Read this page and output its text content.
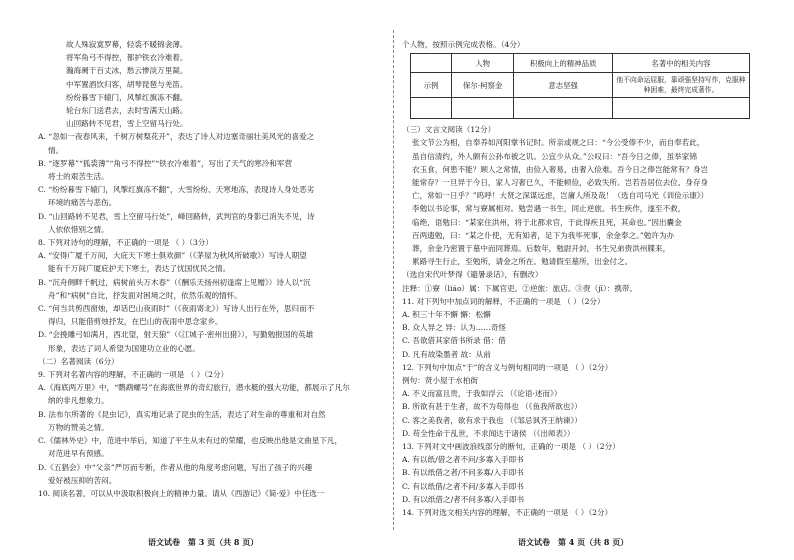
故人殊寂寞罗幕，轻裘不暖锦衾薄。
将军角弓不得控，都护铁衣冷难着。
瀚海阑干百丈冰，愁云惨淡万里凝。
中军置酒饮归客，胡琴琵琶与羌笛。
纷纷暮雪下辕门，风掣红旗冻不翻。
轮台东门送君去，去时雪满天山路。
山回路转不见君，雪上空留马行处。
A. “忽如一夜春风来，千树万树梨花开”，表达了诗人对边塞奇丽壮美风光的喜爱之
情。
B. “逐罗幕”“狐裘薄”“角弓不得控”“铁衣冷难着”，写出了天气的寒冷和军营
将士的艰苦生活。
C. “纷纷暮雪下辕门，风掣红旗冻不翻”，大雪纷纷、天寒地冻，表现诗人身处恶劣
环境的痛苦与悲伤。
D. “山回路转不见君，雪上空留马行处”，峰回路转，武判官的身影已消失不见，诗
人依依惜别之情。
8. 下列对诗句的理解，不正确的一项是 （ ）（3分）
A. “安得广厦千万间，大庇天下寒士俱欢颜”（《茅屋为秋风所破歌》）写诗人期望
能有千万间广厦庇护天下寒士，表达了忧国忧民之情。
B. “沉舟侧畔千帆过，病树前头万木春”（《酬乐天扬州初逢席上见赠》）诗人以“沉
舟”和“病树”自比，抒发面对困境之时，依然乐观的情怀。
C. “何当共剪西窗烛，却话巴山夜雨时”（《夜雨寄北》）写诗人出行在外，思归而不
得归，只能借剪烛抒发，在巴山的夜雨中思念家乡。
D. “会挽雕弓如满月，西北望，射天狼”（《江城子·密州出猎》），写勤勉报国的英雄
形象，表达了词人希望为国建功立业的心愿。
（二）名著阅读（6分）
9. 下列对名著内容的理解，不正确的一项是 （ ）（2分）
A.《海底两万里》中，“鹦鹉螺号”在海底世界的奇幻旅行，潜水艇的强大功能，都展示了凡尔
纳的非凡想象力。
B. 法布尔所著的《昆虫记》，真实地记录了昆虫的生活，表达了对生命的尊重和对自然
万物的赞美之情。
C.《儒林外史》中，范进中举后，知道了平生从未有过的荣耀，也反映出他是文曲星下凡，
对范进早有预感。
D.《五猖会》中“父亲”严厉而专断，作者从他的角度考虑问题，写出了孩子的兴趣
爱好被压抑的苦闷。
10. 阅读名著，可以从中汲取积极向上的精神力量。请从《西游记》《简·爱》中任选一
个人物，按照示例完成表格。（4分）
	人物	积极向上的精神品质	名著中的相关内容
示例	保尔·柯察金	意志坚强	他不向命运屈服，靠顽强坚持写作，克服种种困难，最终完成著作。

（三）文言文阅读（12分）
张文节公为相，自奉养如河阳掌书记时。所亲或规之曰：“今公受俸不少，而自奉若此，
虽自信清约，外人颇有公孙布被之讥。公宜少从众。”公叹曰：“吾今日之俸，虽举家锦
衣玉食，何患不能？顾人之常情，由俭入奢易，由奢入俭难。吾今日之俸岂能常有？身岂
能常存？一旦异于今日，家人习奢已久，不能顿俭，必致失所。岂若吾居位去位、身存身
亡，常如一日乎？”呜呼！大贤之深谋远虑，岂庸人所及哉！（选自司马光《训俭示康》）
李勉以书论事，常与寮属相对。勉尝遇一书生，同止逆旅。书生疾作，遂至不救，
临绝，语勉曰：“某家住洪州，将于北都求官，于此得疾且死，其命也。”因出囊金
百两遗勉，曰：“某之仆使，无有知者，足下为我毕死事，余金奉之。”勉许为办
葬，余金乃密置于墓中而同葬焉。后数年，勉尉开封，书生兄弟赍洪州牒来，
累路寻生行止，至勉所，请金之所在。勉请假至墓所，出金付之。
（选自宋代叶梦得《避暑录话》，有删改）
注释：①寮（liáo）属：下属官吏。②逆旅：旅店。③赍（jī）：携带。
11. 对下列句中加点词的解释，不正确的一项是 （ ）（2分）
A. 积三十年不懈 懈：松懈
B. 众人异之 异：认为……奇怪
C. 吾欲借其家借书所录 借：借
D. 凡有故染墨者 故：从前
12. 下列句中加点“于”的含义与例句相同的一项是 （ ）（2分）
例句：贤小屋于水柏街
A. 不义而富且贵，于我如浮云 （《论语·述而》）
B. 所欲有甚于生者，故不为苟得也 （《鱼我所欲也》）
C. 客之美我者，欲有求于我也 （《邹忌讽齐王纳谏》）
D. 苟全性命于乱世，不求闻达于诸侯 （《出师表》）
13. 下列对文中画波浪线部分的断句，正确的一项是 （ ）（2分）
A. 有以纸/借之者不问/多寡入手即书
B. 有以纸借之者/不问多寡/入手即书
C. 有以纸借/之者不问/多寡入手即书
D. 有以纸借之/者不问多寡/入手即书
14. 下列对选文相关内容的理解，不正确的一项是 （ ）（2分）
语文试卷　第 3 页（共 8 页）	语文试卷　第 4 页（共 8 页）
